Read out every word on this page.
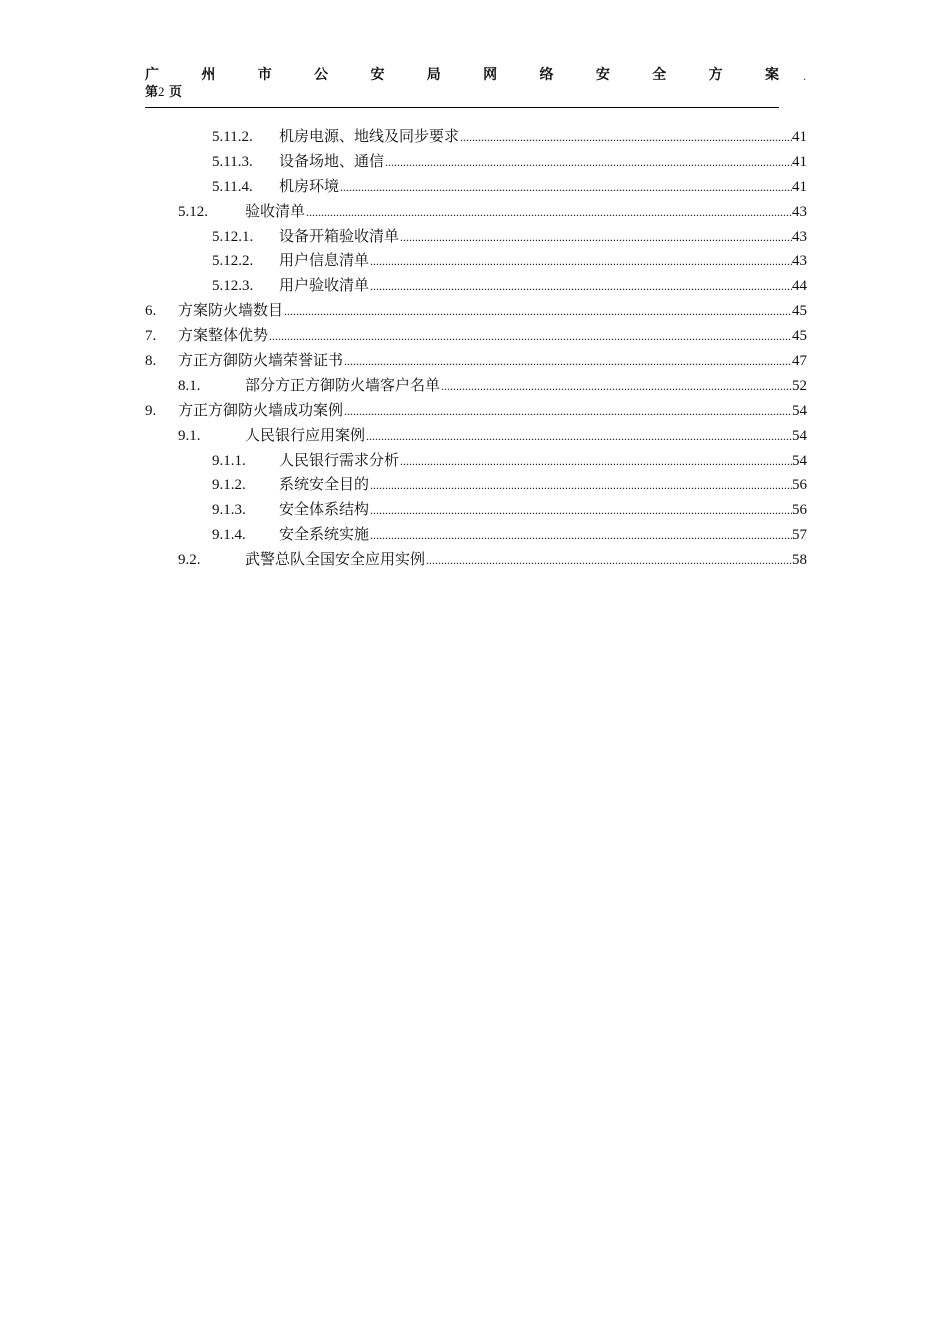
广	州	市	公	安	局	网	络	安	全	方	案 .
第2 页
5.11.2.	机房电源、地线及同步要求 .....	41
5.11.3.	设备场地、通信 .....	41
5.11.4.	机房环境 .....	41
5.12.	验收清单 .....	43
5.12.1.	设备开箱验收清单 .....	43
5.12.2.	用户信息清单 .....	43
5.12.3.	用户验收清单 .....	44
6.	方案防火墙数目 .....	45
7.	方案整体优势 .....	45
8.	方正方御防火墙荣誉证书 .....	47
8.1.	部分方正方御防火墙客户名单 .....	52
9.	方正方御防火墙成功案例 .....	54
9.1.	人民银行应用案例 .....	54
9.1.1.	人民银行需求分析 .....	54
9.1.2.	系统安全目的 .....	56
9.1.3.	安全体系结构 .....	56
9.1.4.	安全系统实施 .....	57
9.2.	武警总队全国安全应用实例 .....	58
